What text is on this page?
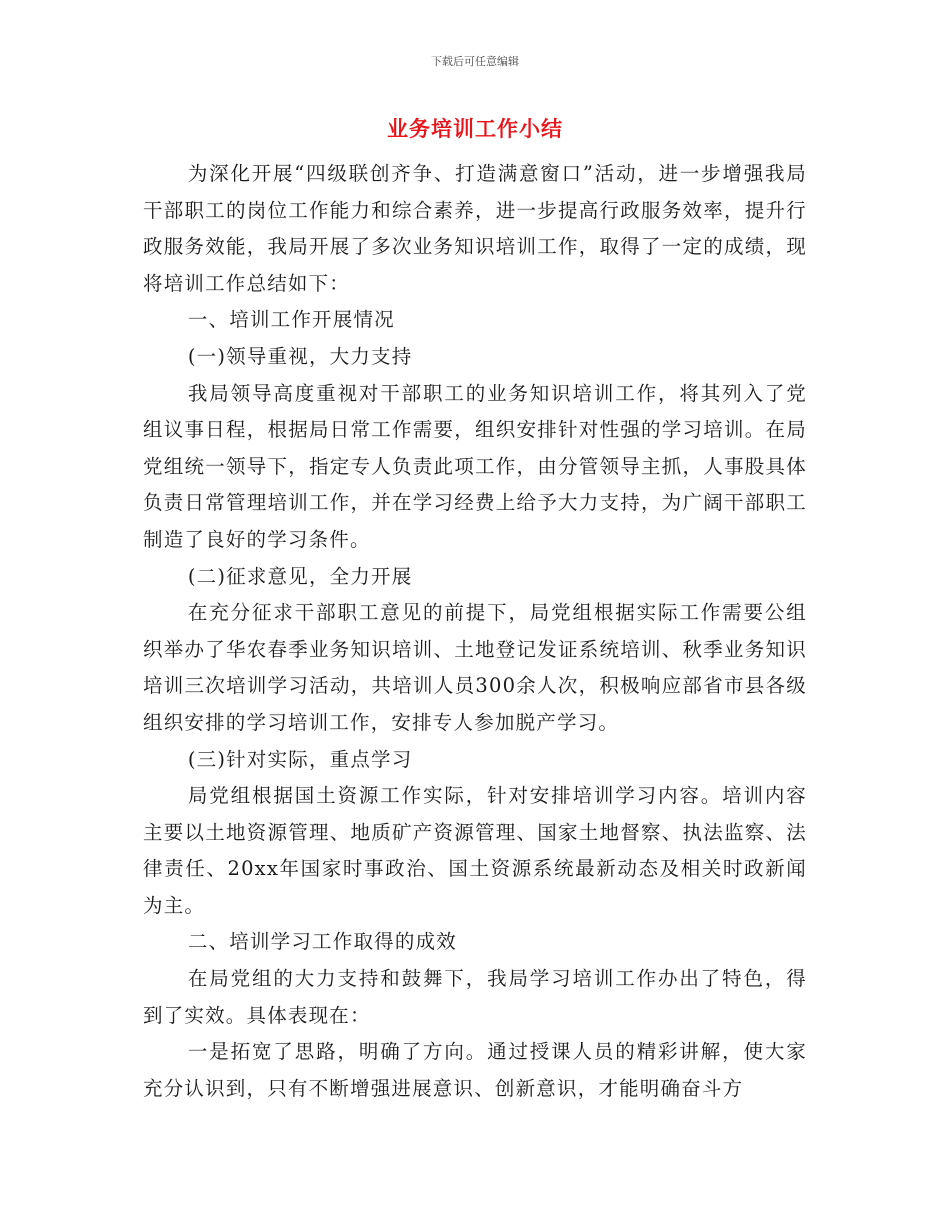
下载后可任意编辑
业务培训工作小结

为深化开展“四级联创齐争、打造满意窗口”活动，进一步增强我局干部职工的岗位工作能力和综合素养，进一步提高行政服务效率，提升行政服务效能，我局开展了多次业务知识培训工作，取得了一定的成绩，现将培训工作总结如下：

一、培训工作开展情况

(一)领导重视，大力支持

我局领导高度重视对干部职工的业务知识培训工作，将其列入了党组议事日程，根据局日常工作需要，组织安排针对性强的学习培训。在局党组统一领导下，指定专人负责此项工作，由分管领导主抓，人事股具体负责日常管理培训工作，并在学习经费上给予大力支持，为广阔干部职工制造了良好的学习条件。

(二)征求意见，全力开展

在充分征求干部职工意见的前提下，局党组根据实际工作需要公组织举办了华农春季业务知识培训、土地登记发证系统培训、秋季业务知识培训三次培训学习活动，共培训人员300余人次，积极响应部省市县各级组织安排的学习培训工作，安排专人参加脱产学习。

(三)针对实际，重点学习

局党组根据国土资源工作实际，针对安排培训学习内容。培训内容主要以土地资源管理、地质矿产资源管理、国家土地督察、执法监察、法律责任、20xx年国家时事政治、国土资源系统最新动态及相关时政新闻为主。

二、培训学习工作取得的成效

在局党组的大力支持和鼓舞下，我局学习培训工作办出了特色，得到了实效。具体表现在：

一是拓宽了思路，明确了方向。通过授课人员的精彩讲解，使大家充分认识到，只有不断增强进展意识、创新意识，才能明确奋斗方
